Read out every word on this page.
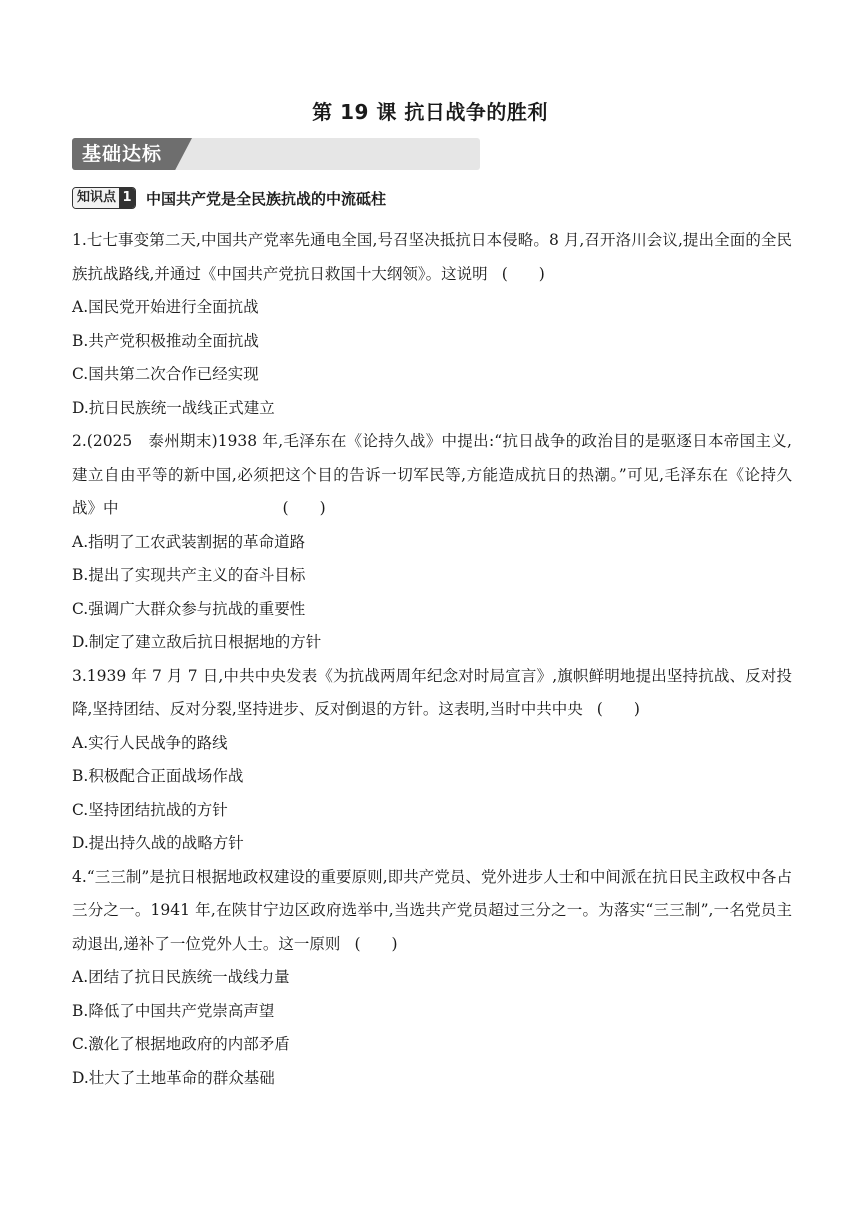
第 19 课 抗日战争的胜利
基础达标
知识点 1 中国共产党是全民族抗战的中流砥柱
1.七七事变第二天,中国共产党率先通电全国,号召坚决抵抗日本侵略。8 月,召开洛川会议,提出全面的全民族抗战路线,并通过《中国共产党抗日救国十大纲领》。这说明 (　　)
A.国民党开始进行全面抗战
B.共产党积极推动全面抗战
C.国共第二次合作已经实现
D.抗日民族统一战线正式建立
2.(2025　泰州期末)1938 年,毛泽东在《论持久战》中提出:“抗日战争的政治目的是驱逐日本帝国主义,建立自由平等的新中国,必须把这个目的告诉一切军民等,方能造成抗日的热潮。”可见,毛泽东在《论持久战》中	(　　)
A.指明了工农武装割据的革命道路
B.提出了实现共产主义的奋斗目标
C.强调广大群众参与抗战的重要性
D.制定了建立敌后抗日根据地的方针
3.1939 年 7 月 7 日,中共中央发表《为抗战两周年纪念对时局宣言》,旗帜鲜明地提出坚持抗战、反对投降,坚持团结、反对分裂,坚持进步、反对倒退的方针。这表明,当时中共中央 (　　)
A.实行人民战争的路线
B.积极配合正面战场作战
C.坚持团结抗战的方针
D.提出持久战的战略方针
4.“三三制”是抗日根据地政权建设的重要原则,即共产党员、党外进步人士和中间派在抗日民主政权中各占三分之一。1941 年,在陕甘宁边区政府选举中,当选共产党员超过三分之一。为落实“三三制”,一名党员主动退出,递补了一位党外人士。这一原则 (　　)
A.团结了抗日民族统一战线力量
B.降低了中国共产党崇高声望
C.激化了根据地政府的内部矛盾
D.壮大了土地革命的群众基础
